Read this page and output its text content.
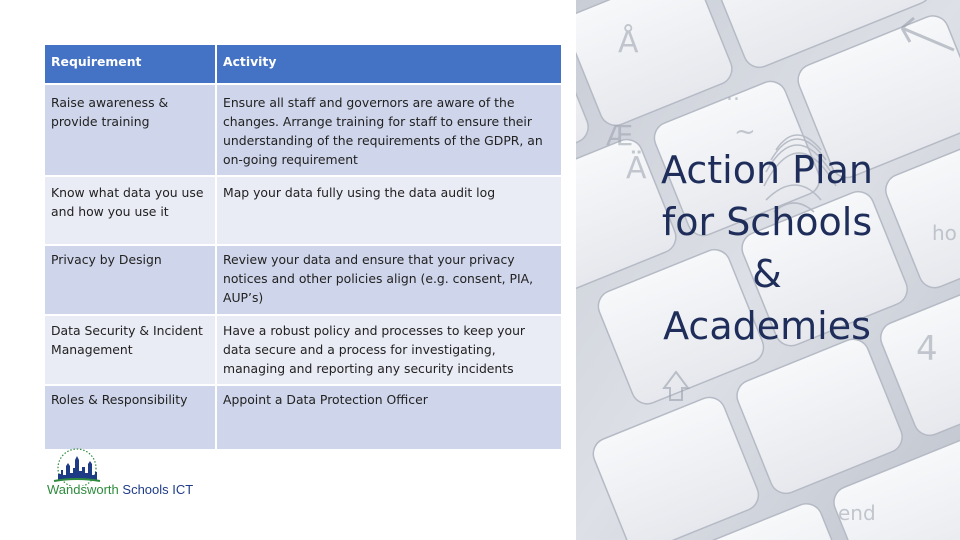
Requirement	Activity
Raise awareness & provide training	Ensure all staff and governors are aware of the changes. Arrange training for staff to ensure their understanding of the requirements of the GDPR, an on-going requirement
Know what data you use and how you use it	Map your data fully using the data audit log
Privacy by Design	Review your data and ensure that your privacy notices and other policies align (e.g. consent, PIA, AUP’s)
Data Security & Incident Management	Have a robust policy and processes to keep your data secure and a process for investigating, managing and reporting any security incidents
Roles & Responsibility	Appoint a Data Protection Officer
Wandsworth Schools ICT
Å
..
Æ
Ä
~
ho
4
end
Action Plan
for Schools
&
Academies
